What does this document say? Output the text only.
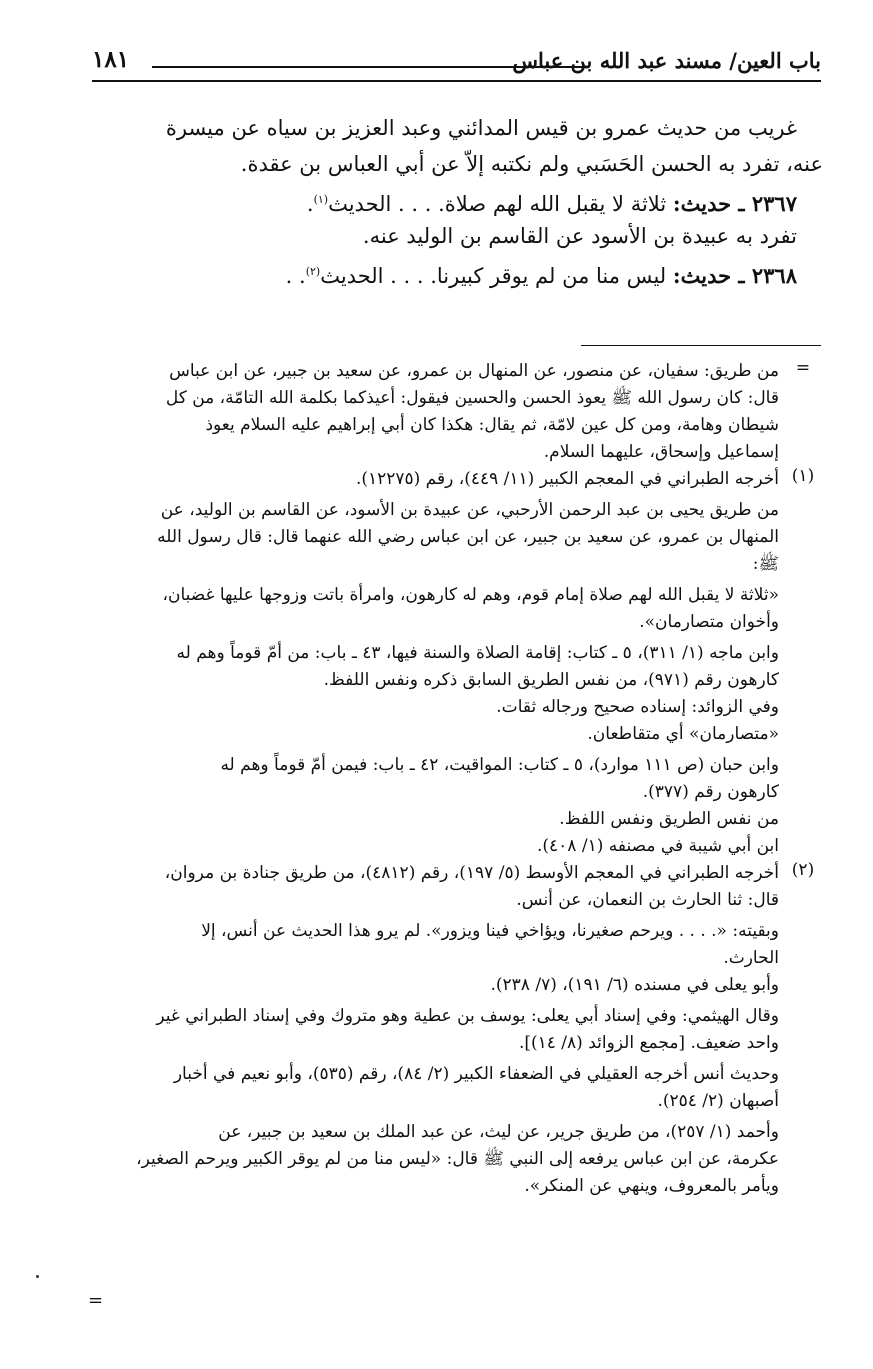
باب العين/ مسند عبد الله بن عباس
١٨١
غريب من حديث عمرو بن قيس المدائني وعبد العزيز بن سياه عن ميسرة
عنه، تفرد به الحسن الحَسَبي ولم نكتبه إلاّ عن أبي العباس بن عقدة.
٢٣٦٧ ـ حديث: ثلاثة لا يقبل الله لهم صلاة. . . . الحديث$^{(١)}$.
تفرد به عبيدة بن الأسود عن القاسم بن الوليد عنه.
٢٣٦٨ ـ حديث: ليس منا من لم يوقر كبيرنا. . . . الحديث$^{(٢)}$. .
=
من طريق: سفيان، عن منصور، عن المنهال بن عمرو، عن سعيد بن جبير، عن ابن عباس
قال: كان رسول الله ﷺ يعوذ الحسن والحسين فيقول: أعيذكما بكلمة الله التامّة، من كل
شيطان وهامة، ومن كل عين لامّة، ثم يقال: هكذا كان أبي إبراهيم عليه السلام يعوذ
إسماعيل وإسحاق، عليهما السلام.
(١)
أخرجه الطبراني في المعجم الكبير (١١/ ٤٤٩)، رقم (١٢٢٧٥).
من طريق يحيى بن عبد الرحمن الأرحبي، عن عبيدة بن الأسود، عن القاسم بن الوليد، عن
المنهال بن عمرو، عن سعيد بن جبير، عن ابن عباس رضي الله عنهما قال: قال رسول الله
ﷺ:
«ثلاثة لا يقبل الله لهم صلاة إمام قوم، وهم له كارهون، وامرأة باتت وزوجها عليها غضبان،
وأخوان متصارمان».
وابن ماجه (١/ ٣١١)، ٥ ـ كتاب: إقامة الصلاة والسنة فيها، ٤٣ ـ باب: من أمّ قوماً وهم له
كارهون رقم (٩٧١)، من نفس الطريق السابق ذكره ونفس اللفظ.
وفي الزوائد: إسناده صحيح ورجاله ثقات.
«متصارمان» أي متقاطعان.
وابن حبان (ص ١١١ موارد)، ٥ ـ كتاب: المواقيت، ٤٢ ـ باب: فيمن أمّ قوماً وهم له
كارهون رقم (٣٧٧).
من نفس الطريق ونفس اللفظ.
ابن أبي شيبة في مصنفه (١/ ٤٠٨).
(٢)
أخرجه الطبراني في المعجم الأوسط (٥/ ١٩٧)، رقم (٤٨١٢)، من طريق جنادة بن مروان،
قال: ثنا الحارث بن النعمان، عن أنس.
وبقيته: «. . . . ويرحم صغيرنا، ويؤاخي فينا ويزور». لم يرو هذا الحديث عن أنس، إلا
الحارث.
وأبو يعلى في مسنده (٦/ ١٩١)، (٧/ ٢٣٨).
وقال الهيثمي: وفي إسناد أبي يعلى: يوسف بن عطية وهو متروك وفي إسناد الطبراني غير
واحد ضعيف. [مجمع الزوائد (٨/ ١٤)].
وحديث أنس أخرجه العقيلي في الضعفاء الكبير (٢/ ٨٤)، رقم (٥٣٥)، وأبو نعيم في أخبار
أصبهان (٢/ ٢٥٤).
وأحمد (١/ ٢٥٧)، من طريق جرير، عن ليث، عن عبد الملك بن سعيد بن جبير، عن
عكرمة، عن ابن عباس يرفعه إلى النبي ﷺ قال: «ليس منا من لم يوقر الكبير ويرحم الصغير،
ويأمر بالمعروف، وينهي عن المنكر».
=
